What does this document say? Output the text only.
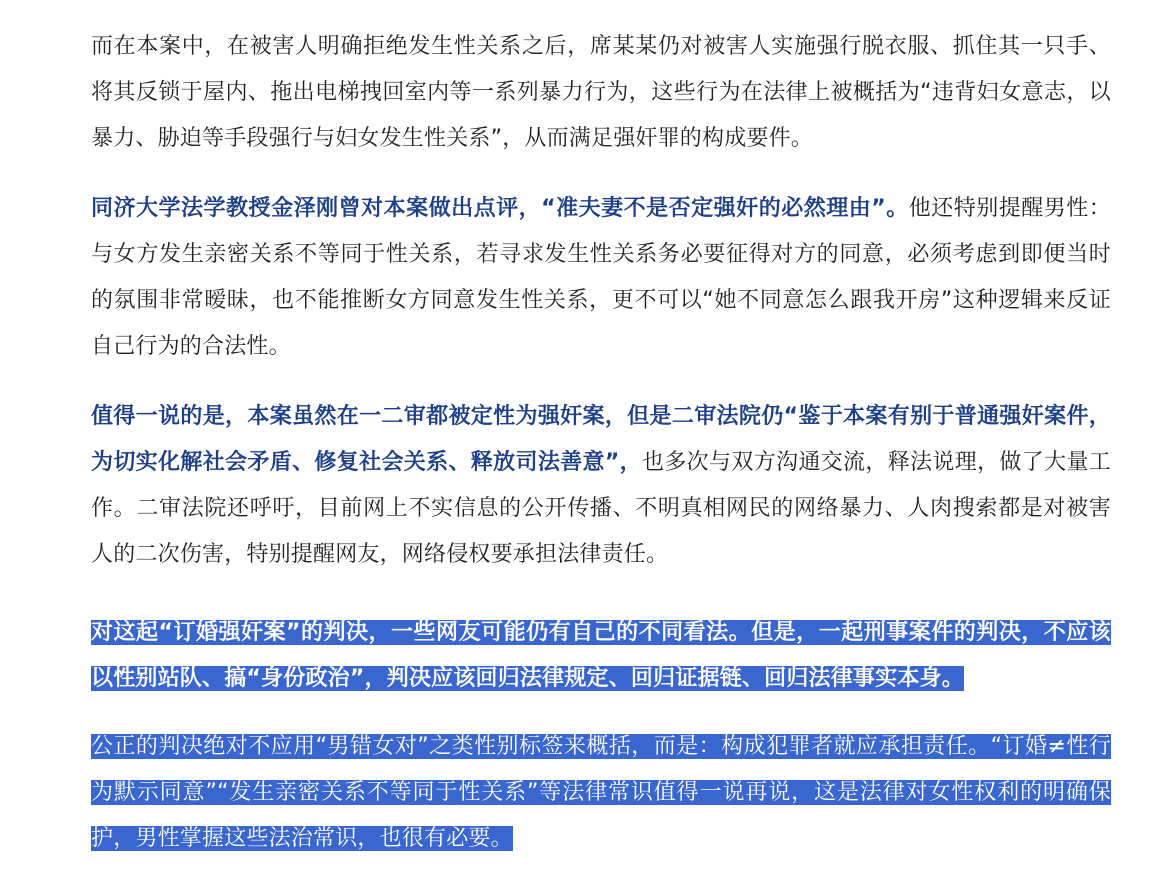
而在本案中，在被害人明确拒绝发生性关系之后，席某某仍对被害人实施强行脱衣服、抓住其一只手、将其反锁于屋内、拖出电梯拽回室内等一系列暴力行为，这些行为在法律上被概括为“违背妇女意志，以暴力、胁迫等手段强行与妇女发生性关系”，从而满足强奸罪的构成要件。

同济大学法学教授金泽刚曾对本案做出点评，“准夫妻不是否定强奸的必然理由”。他还特别提醒男性：与女方发生亲密关系不等同于性关系，若寻求发生性关系务必要征得对方的同意，必须考虑到即便当时的氛围非常暧昧，也不能推断女方同意发生性关系，更不可以“她不同意怎么跟我开房”这种逻辑来反证自己行为的合法性。

值得一说的是，本案虽然在一二审都被定性为强奸案，但是二审法院仍“鉴于本案有别于普通强奸案件，为切实化解社会矛盾、修复社会关系、释放司法善意”，也多次与双方沟通交流，释法说理，做了大量工作。二审法院还呼吁，目前网上不实信息的公开传播、不明真相网民的网络暴力、人肉搜索都是对被害人的二次伤害，特别提醒网友，网络侵权要承担法律责任。

对这起“订婚强奸案”的判决，一些网友可能仍有自己的不同看法。但是，一起刑事案件的判决，不应该以性别站队、搞“身份政治”，判决应该回归法律规定、回归证据链、回归法律事实本身。

公正的判决绝对不应用“男错女对”之类性别标签来概括，而是：构成犯罪者就应承担责任。“订婚≠性行为默示同意”“发生亲密关系不等同于性关系”等法律常识值得一说再说，这是法律对女性权利的明确保护，男性掌握这些法治常识，也很有必要。
